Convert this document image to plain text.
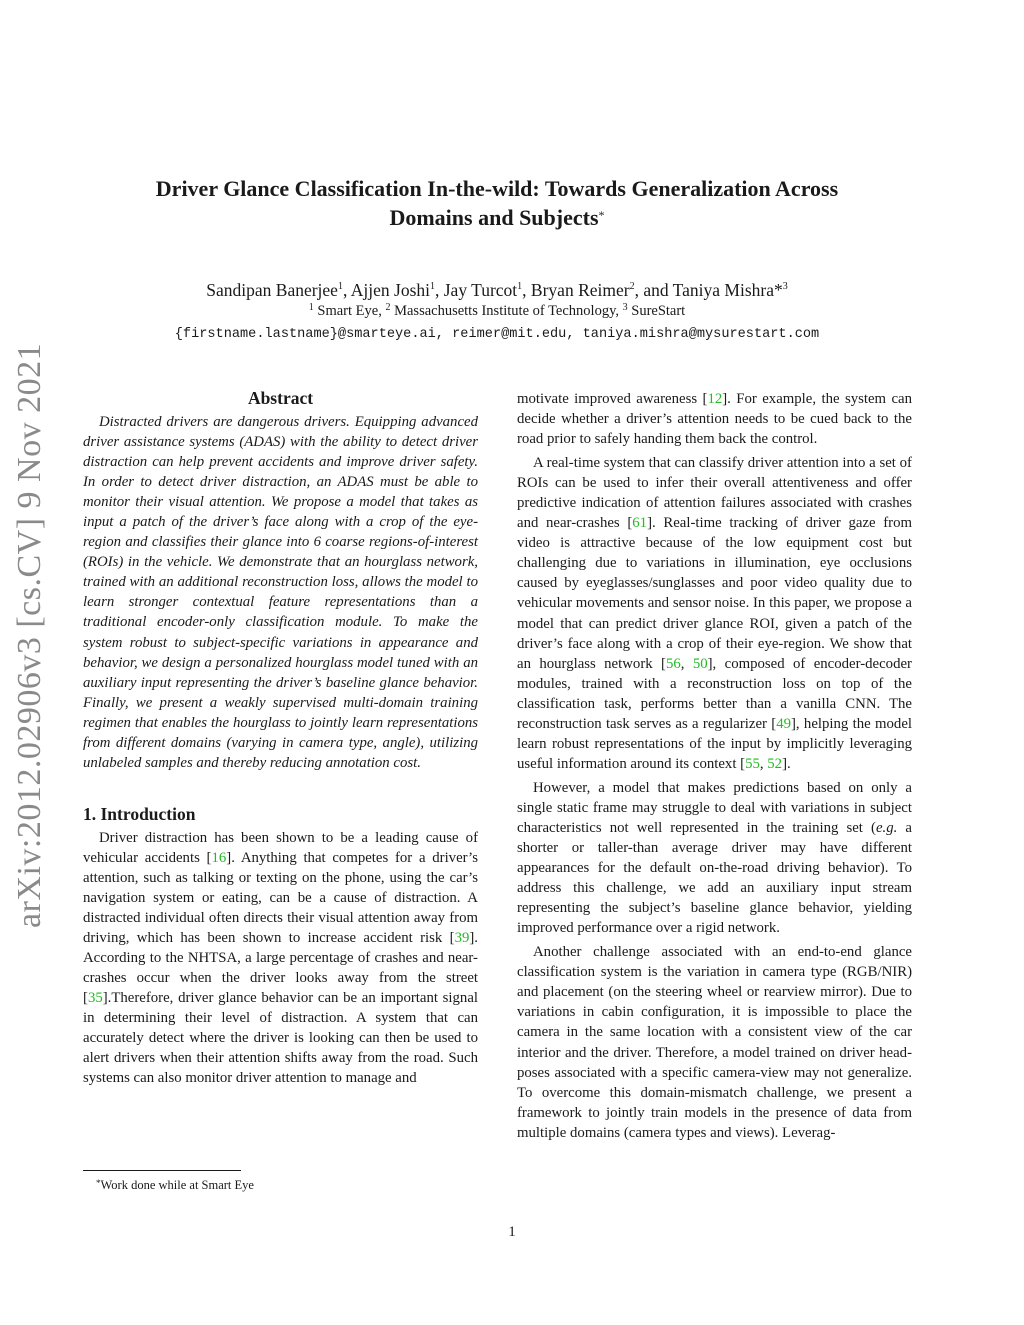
arXiv:2012.02906v3 [cs.CV] 9 Nov 2021
Driver Glance Classification In-the-wild: Towards Generalization Across
Domains and Subjects*
Sandipan Banerjee$^1$, Ajjen Joshi$^1$, Jay Turcot$^1$, Bryan Reimer$^2$, and Taniya Mishra*$^3$
$^1$ Smart Eye, $^2$ Massachusetts Institute of Technology, $^3$ SureStart
{firstname.lastname}@smarteye.ai, reimer@mit.edu, taniya.mishra@mysurestart.com
Abstract

Distracted drivers are dangerous drivers. Equipping advanced driver assistance systems (ADAS) with the ability to detect driver distraction can help prevent accidents and improve driver safety. In order to detect driver distraction, an ADAS must be able to monitor their visual attention. We propose a model that takes as input a patch of the driver’s face along with a crop of the eye-region and classifies their glance into 6 coarse regions-of-interest (ROIs) in the vehicle. We demonstrate that an hourglass network, trained with an additional reconstruction loss, allows the model to learn stronger contextual feature representations than a traditional encoder-only classification module. To make the system robust to subject-specific variations in appearance and behavior, we design a personalized hourglass model tuned with an auxiliary input representing the driver’s baseline glance behavior. Finally, we present a weakly supervised multi-domain training regimen that enables the hourglass to jointly learn representations from different domains (varying in camera type, angle), utilizing unlabeled samples and thereby reducing annotation cost.

1. Introduction

Driver distraction has been shown to be a leading cause of vehicular accidents [16]. Anything that competes for a driver’s attention, such as talking or texting on the phone, using the car’s navigation system or eating, can be a cause of distraction. A distracted individual often directs their visual attention away from driving, which has been shown to increase accident risk [39]. According to the NHTSA, a large percentage of crashes and near-crashes occur when the driver looks away from the street [35].Therefore, driver glance behavior can be an important signal in determining their level of distraction. A system that can accurately detect where the driver is looking can then be used to alert drivers when their attention shifts away from the road. Such systems can also monitor driver attention to manage and

motivate improved awareness [12]. For example, the system can decide whether a driver’s attention needs to be cued back to the road prior to safely handing them back the control.

A real-time system that can classify driver attention into a set of ROIs can be used to infer their overall attentiveness and offer predictive indication of attention failures associated with crashes and near-crashes [61]. Real-time tracking of driver gaze from video is attractive because of the low equipment cost but challenging due to variations in illumination, eye occlusions caused by eyeglasses/sunglasses and poor video quality due to vehicular movements and sensor noise. In this paper, we propose a model that can predict driver glance ROI, given a patch of the driver’s face along with a crop of their eye-region. We show that an hourglass network [56, 50], composed of encoder-decoder modules, trained with a reconstruction loss on top of the classification task, performs better than a vanilla CNN. The reconstruction task serves as a regularizer [49], helping the model learn robust representations of the input by implicitly leveraging useful information around its context [55, 52].

However, a model that makes predictions based on only a single static frame may struggle to deal with variations in subject characteristics not well represented in the training set (e.g. a shorter or taller-than average driver may have different appearances for the default on-the-road driving behavior). To address this challenge, we add an auxiliary input stream representing the subject’s baseline glance behavior, yielding improved performance over a rigid network.

Another challenge associated with an end-to-end glance classification system is the variation in camera type (RGB/NIR) and placement (on the steering wheel or rearview mirror). Due to variations in cabin configuration, it is impossible to place the camera in the same location with a consistent view of the car interior and the driver. Therefore, a model trained on driver head-poses associated with a specific camera-view may not generalize. To overcome this domain-mismatch challenge, we present a framework to jointly train models in the presence of data from multiple domains (camera types and views). Leverag-

*Work done while at Smart Eye
1
